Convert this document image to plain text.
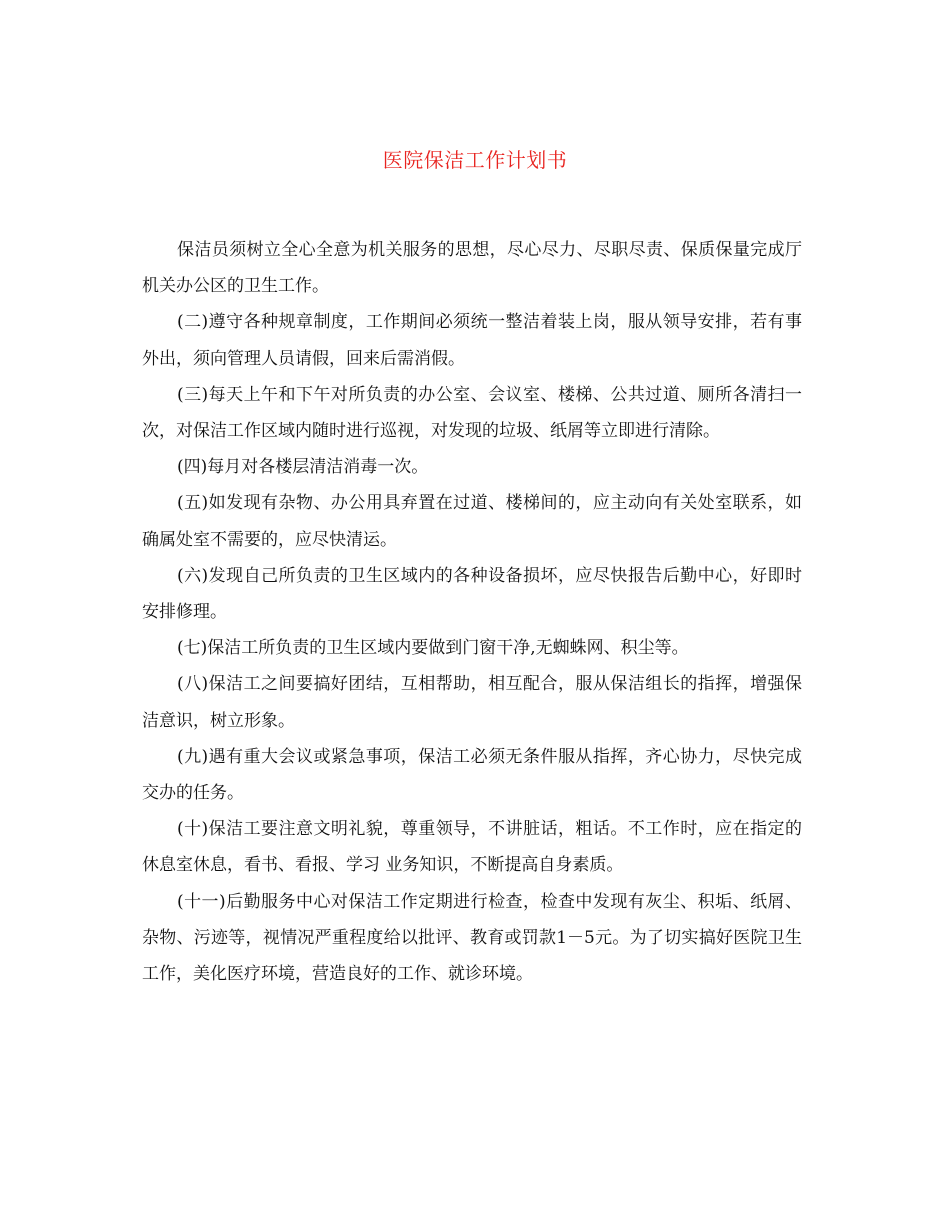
医院保洁工作计划书

保洁员须树立全心全意为机关服务的思想，尽心尽力、尽职尽责、保质保量完成厅机关办公区的卫生工作。

(二)遵守各种规章制度，工作期间必须统一整洁着装上岗，服从领导安排，若有事外出，须向管理人员请假，回来后需消假。

(三)每天上午和下午对所负责的办公室、会议室、楼梯、公共过道、厕所各清扫一次，对保洁工作区域内随时进行巡视，对发现的垃圾、纸屑等立即进行清除。

(四)每月对各楼层清洁消毒一次。

(五)如发现有杂物、办公用具弃置在过道、楼梯间的，应主动向有关处室联系，如确属处室不需要的，应尽快清运。

(六)发现自己所负责的卫生区域内的各种设备损坏，应尽快报告后勤中心，好即时安排修理。

(七)保洁工所负责的卫生区域内要做到门窗干净,无蜘蛛网、积尘等。

(八)保洁工之间要搞好团结，互相帮助，相互配合，服从保洁组长的指挥，增强保洁意识，树立形象。

(九)遇有重大会议或紧急事项，保洁工必须无条件服从指挥，齐心协力，尽快完成交办的任务。

(十)保洁工要注意文明礼貌，尊重领导，不讲脏话，粗话。不工作时，应在指定的休息室休息，看书、看报、学习 业务知识，不断提高自身素质。

(十一)后勤服务中心对保洁工作定期进行检查，检查中发现有灰尘、积垢、纸屑、杂物、污迹等，视情况严重程度给以批评、教育或罚款1－5元。为了切实搞好医院卫生工作，美化医疗环境，营造良好的工作、就诊环境。
